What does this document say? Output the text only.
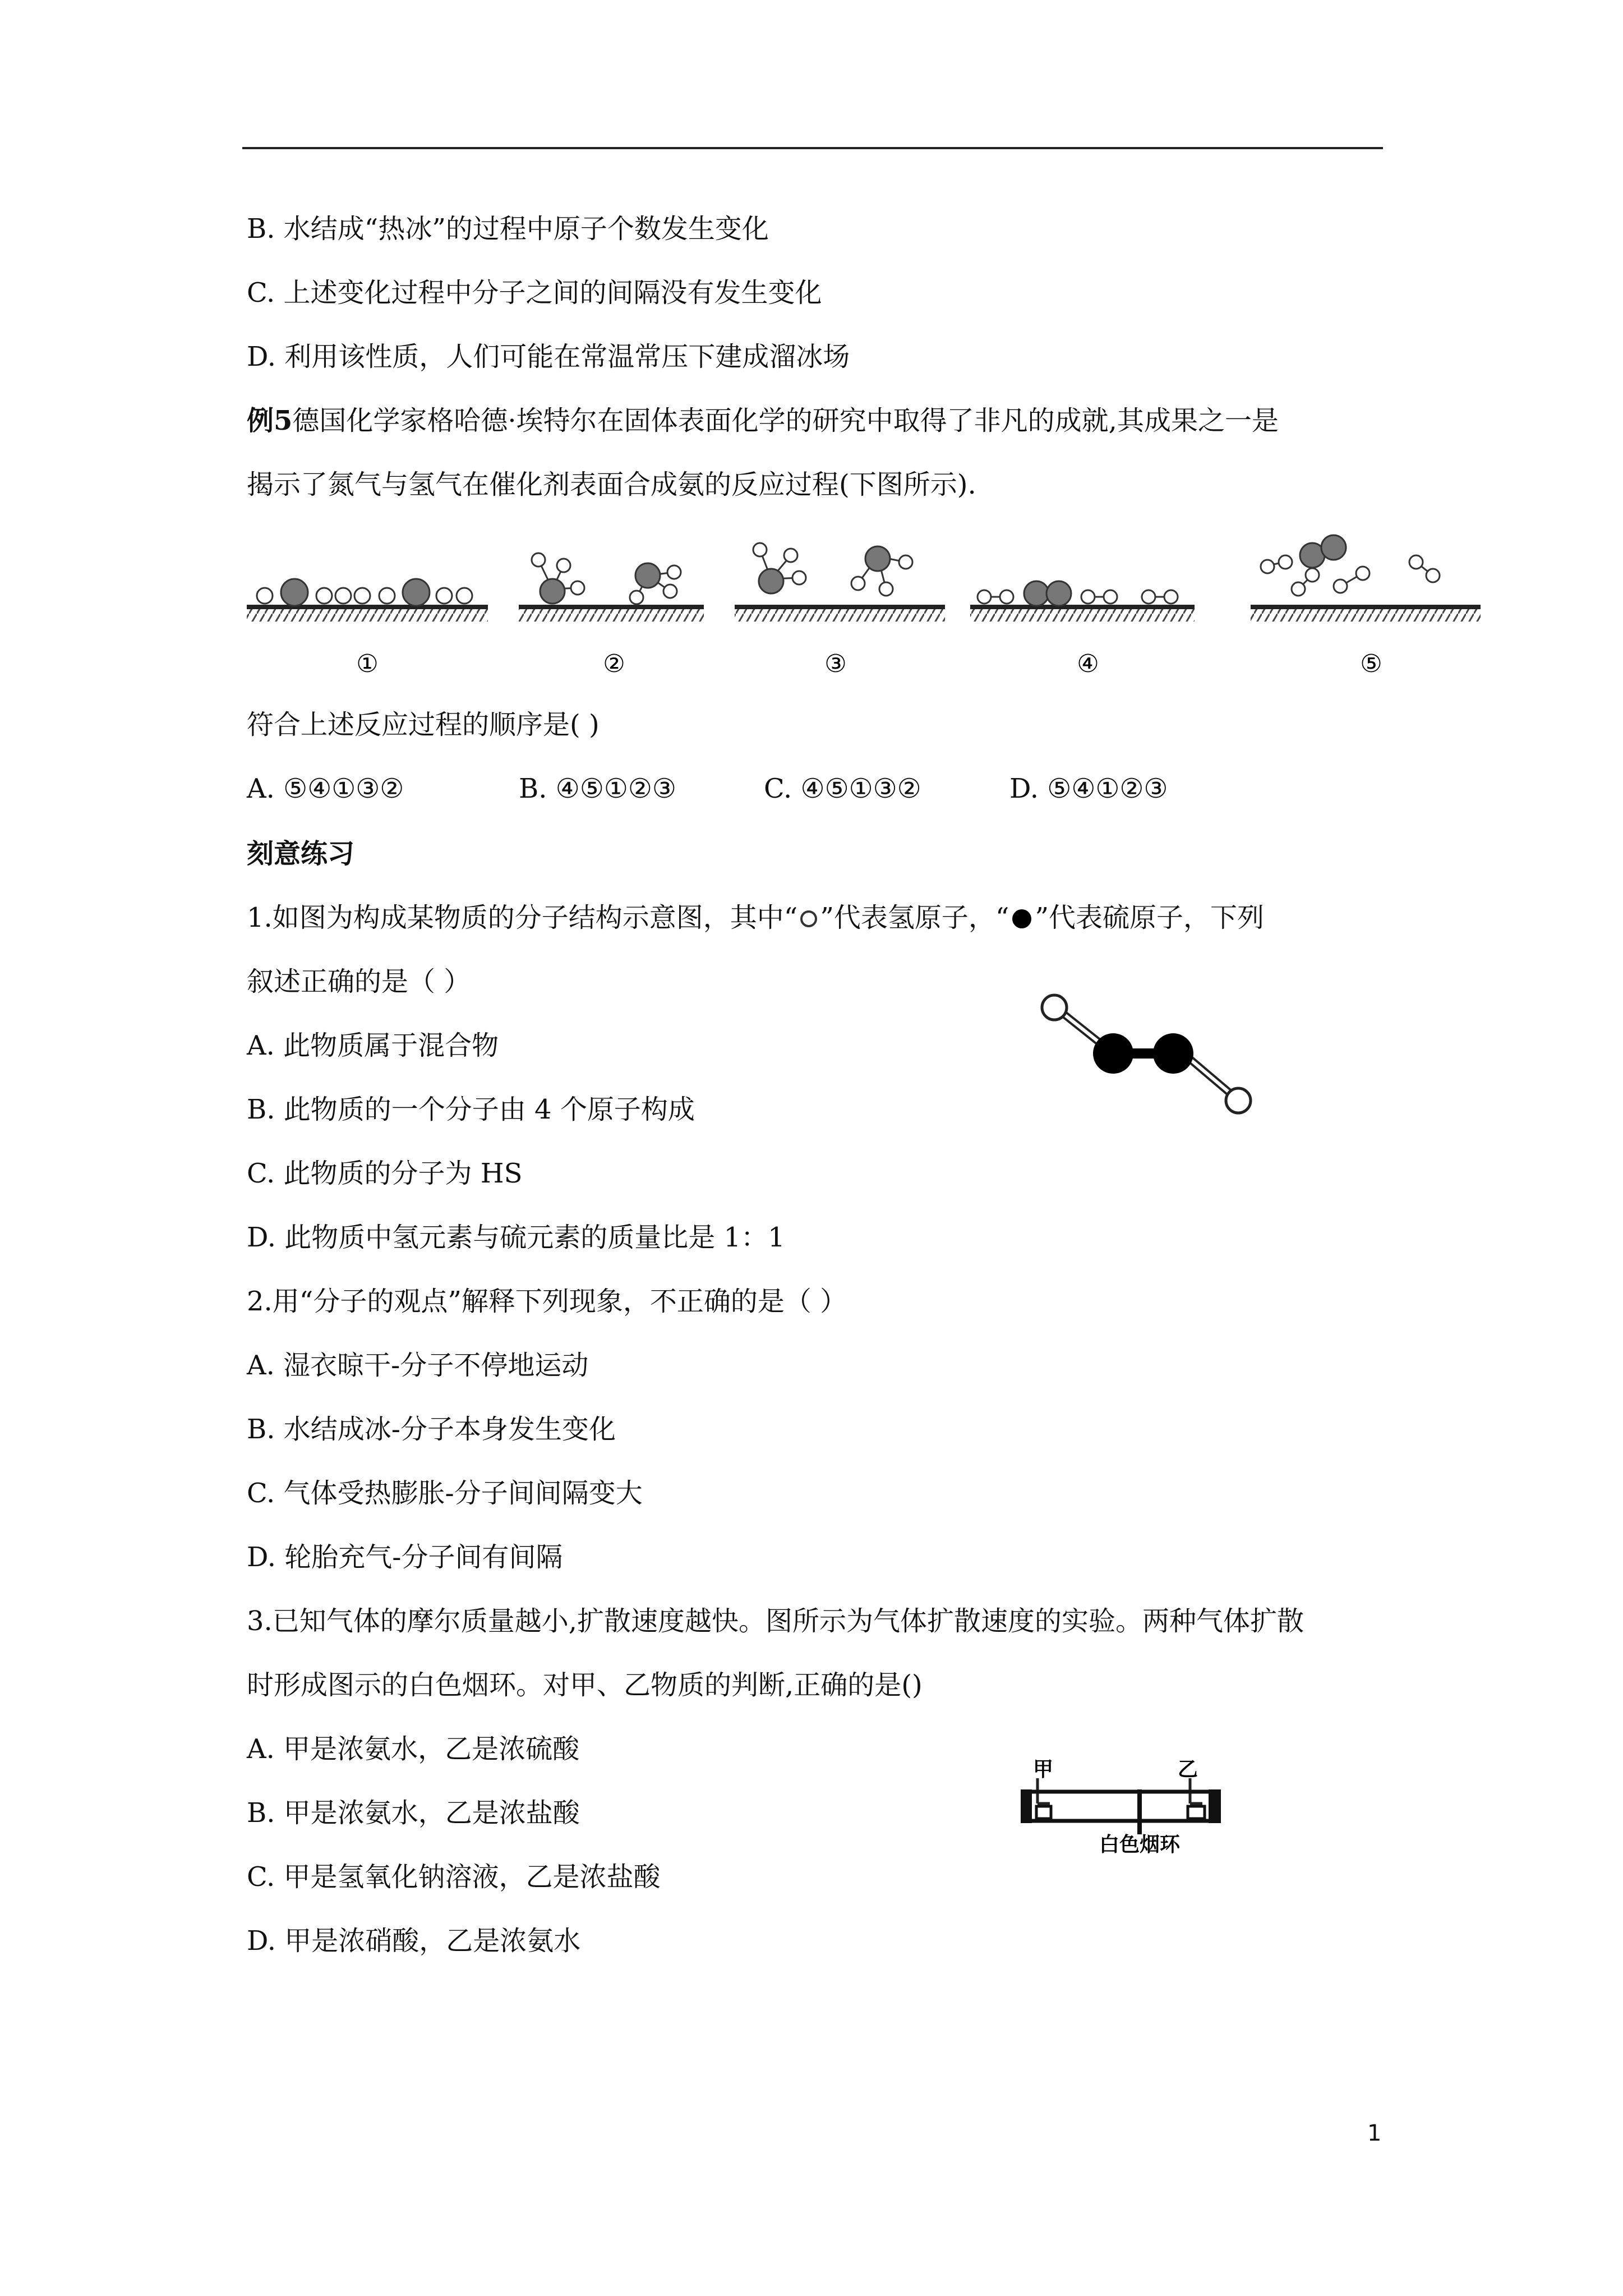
B. 水结成“热冰”的过程中原子个数发生变化
C. 上述变化过程中分子之间的间隔没有发生变化
D. 利用该性质，人们可能在常温常压下建成溜冰场
例5德国化学家格哈德·埃特尔在固体表面化学的研究中取得了非凡的成就,其成果之一是
揭示了氮气与氢气在催化剂表面合成氨的反应过程(下图所示).
①	②	③	④	⑤
符合上述反应过程的顺序是( )
A. ⑤④①③②	B. ④⑤①②③	C. ④⑤①③②	D. ⑤④①②③
刻意练习
1.如图为构成某物质的分子结构示意图，其中“ ”代表氢原子，“ ”代表硫原子，下列
叙述正确的是（ ）
A. 此物质属于混合物
B. 此物质的一个分子由 4 个原子构成
C. 此物质的分子为 HS
D. 此物质中氢元素与硫元素的质量比是 1：1
2.用“分子的观点”解释下列现象，不正确的是（ ）
A. 湿衣晾干-分子不停地运动
B. 水结成冰-分子本身发生变化
C. 气体受热膨胀-分子间间隔变大
D. 轮胎充气-分子间有间隔
3.已知气体的摩尔质量越小,扩散速度越快。图所示为气体扩散速度的实验。两种气体扩散
时形成图示的白色烟环。对甲、乙物质的判断,正确的是()
A. 甲是浓氨水，乙是浓硫酸
B. 甲是浓氨水，乙是浓盐酸
C. 甲是氢氧化钠溶液，乙是浓盐酸
D. 甲是浓硝酸，乙是浓氨水
甲	乙
白色烟环
1
